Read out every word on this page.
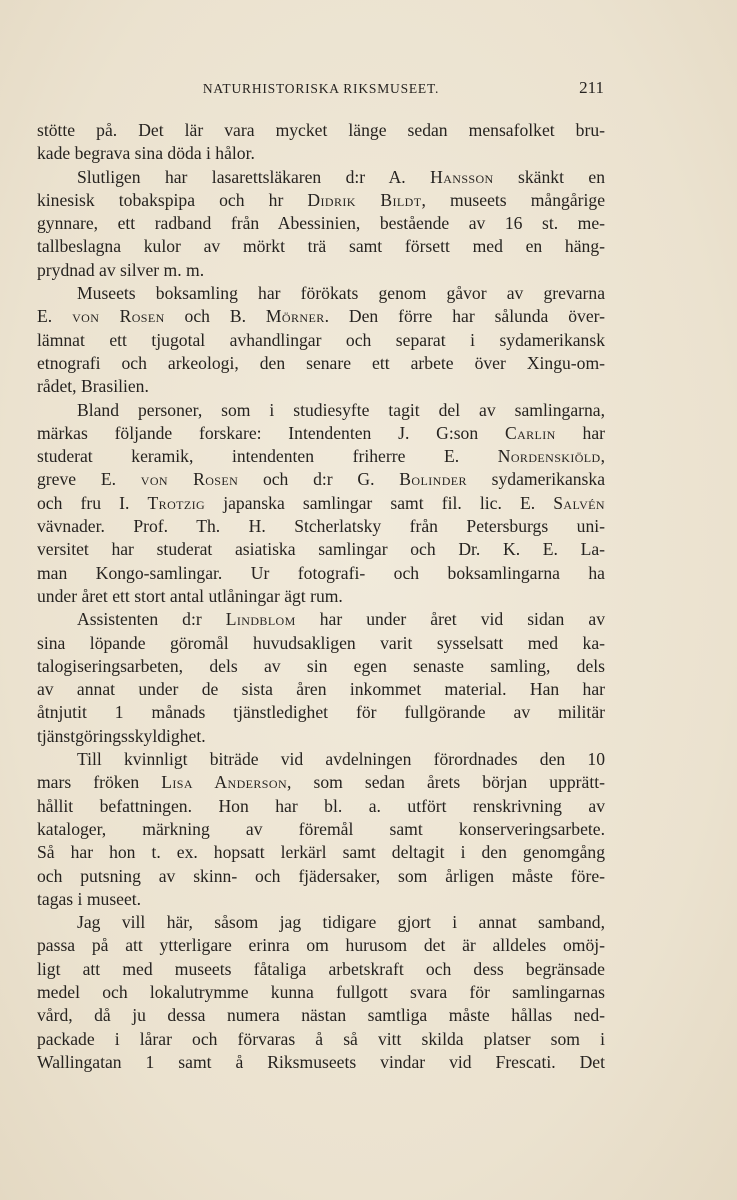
NATURHISTORISKA RIKSMUSEET.	211
stötte på. Det lär vara mycket länge sedan mensafolket bru-
kade begrava sina döda i hålor.
Slutligen har lasarettsläkaren d:r A. Hansson skänkt en
kinesisk tobakspipa och hr Didrik Bildt, museets mångårige
gynnare, ett radband från Abessinien, bestående av 16 st. me-
tallbeslagna kulor av mörkt trä samt försett med en häng-
prydnad av silver m. m.
Museets boksamling har förökats genom gåvor av grevarna
E. von Rosen och B. Mörner. Den förre har sålunda över-
lämnat ett tjugotal avhandlingar och separat i sydamerikansk
etnografi och arkeologi, den senare ett arbete över Xingu-om-
rådet, Brasilien.
Bland personer, som i studiesyfte tagit del av samlingarna,
märkas följande forskare: Intendenten J. G:son Carlin har
studerat keramik, intendenten friherre E. Nordenskiöld,
greve E. von Rosen och d:r G. Bolinder sydamerikanska
och fru I. Trotzig japanska samlingar samt fil. lic. E. Salvén
vävnader. Prof. Th. H. Stcherlatsky från Petersburgs uni-
versitet har studerat asiatiska samlingar och Dr. K. E. La-
man Kongo-samlingar. Ur fotografi- och boksamlingarna ha
under året ett stort antal utlåningar ägt rum.
Assistenten d:r Lindblom har under året vid sidan av
sina löpande göromål huvudsakligen varit sysselsatt med ka-
talogiseringsarbeten, dels av sin egen senaste samling, dels
av annat under de sista åren inkommet material. Han har
åtnjutit 1 månads tjänstledighet för fullgörande av militär
tjänstgöringsskyldighet.
Till kvinnligt biträde vid avdelningen förordnades den 10
mars fröken Lisa Anderson, som sedan årets början upprätt-
hållit befattningen. Hon har bl. a. utfört renskrivning av
kataloger, märkning av föremål samt konserveringsarbete.
Så har hon t. ex. hopsatt lerkärl samt deltagit i den genomgång
och putsning av skinn- och fjädersaker, som årligen måste före-
tagas i museet.
Jag vill här, såsom jag tidigare gjort i annat samband,
passa på att ytterligare erinra om hurusom det är alldeles omöj-
ligt att med museets fåtaliga arbetskraft och dess begränsade
medel och lokalutrymme kunna fullgott svara för samlingarnas
vård, då ju dessa numera nästan samtliga måste hållas ned-
packade i lårar och förvaras å så vitt skilda platser som i
Wallingatan 1 samt å Riksmuseets vindar vid Frescati. Det
